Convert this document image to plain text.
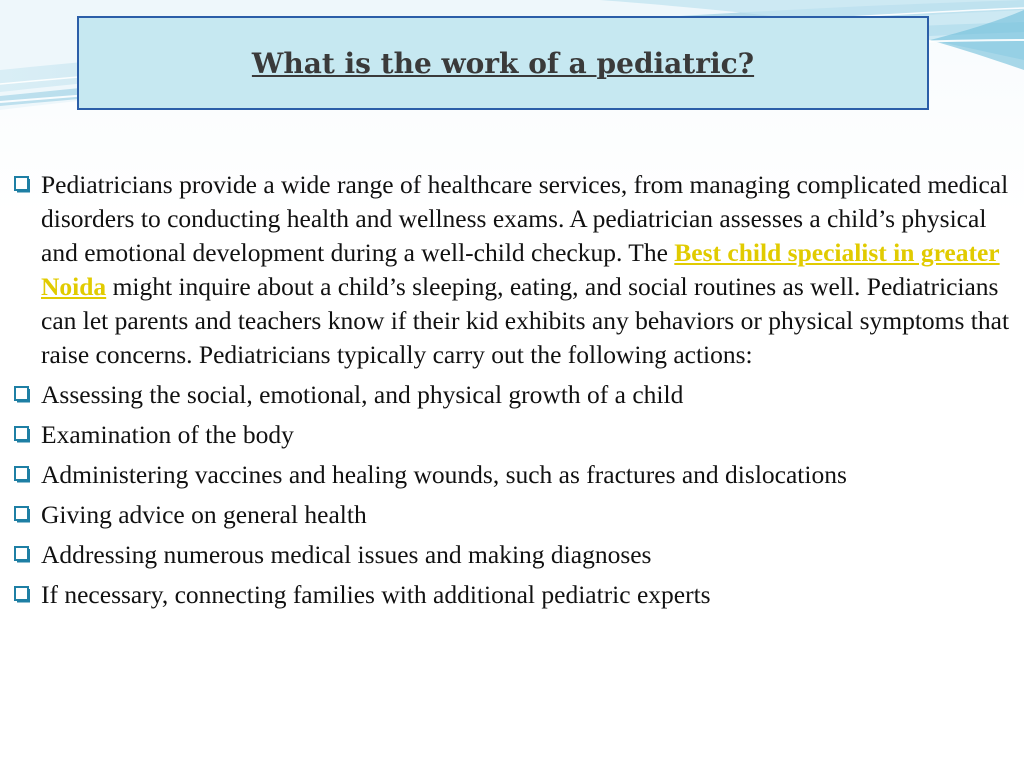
What is the work of a pediatric?
Pediatricians provide a wide range of healthcare services, from managing complicated medical disorders to conducting health and wellness exams. A pediatrician assesses a child’s physical and emotional development during a well-child checkup. The Best child specialist in greater Noida might inquire about a child’s sleeping, eating, and social routines as well. Pediatricians can let parents and teachers know if their kid exhibits any behaviors or physical symptoms that raise concerns. Pediatricians typically carry out the following actions:
Assessing the social, emotional, and physical growth of a child
Examination of the body
Administering vaccines and healing wounds, such as fractures and dislocations
Giving advice on general health
Addressing numerous medical issues and making diagnoses
If necessary, connecting families with additional pediatric experts
